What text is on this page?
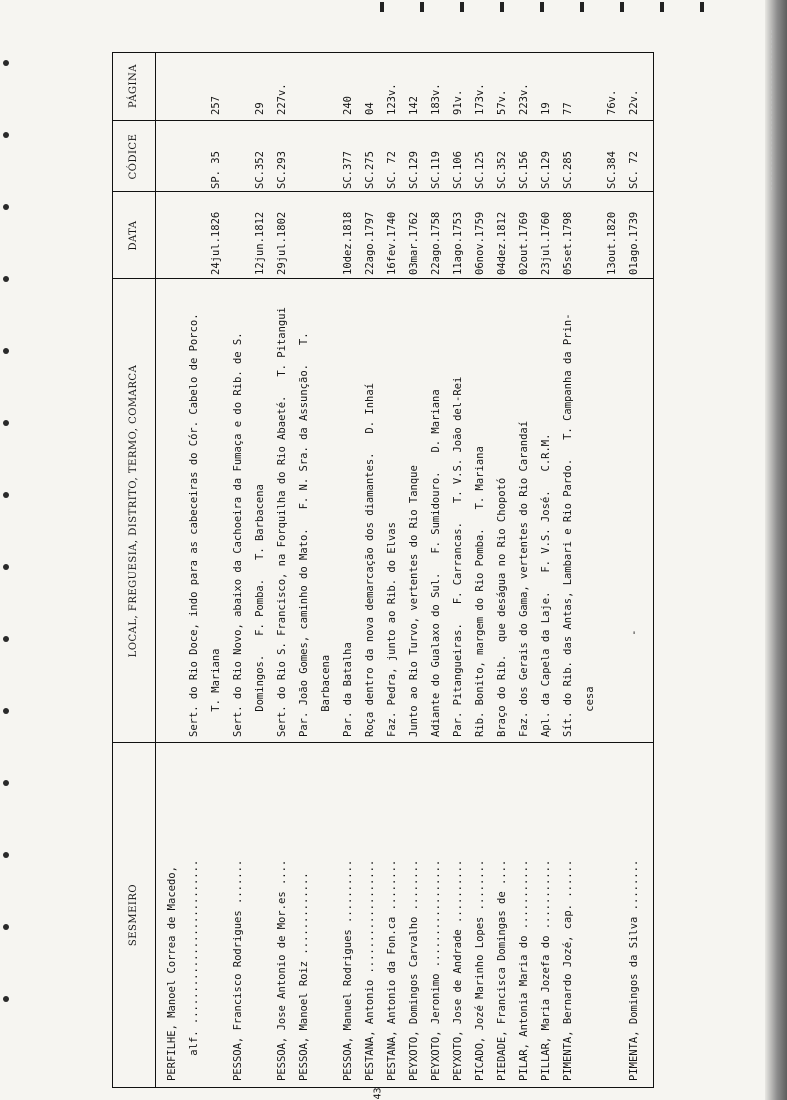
SESMEIRO
LOCAL, FREGUESIA, DISTRITO, TERMO, COMARCA
DATA
CÓDICE
PÁGINA
PERFILHE, Manoel Correa de Macedo, alf. ..........................
Sert. do Rio Doce, indo para as cabeceiras do Cór. Cabelo de Porco. T. Mariana
24jul.1826
SP. 35
257
PESSOA, Francisco Rodrigues .......
Sert. do Rio Novo, abaixo da Cachoeira da Fumaça e do Rib. de S. Domingos.   F. Pomba.   T. Barbacena
12jun.1812
SC.352
29
PESSOA, Jose Antonio de Mor.es ....
Sert. do Rio S. Francisco, na Forquilha do Rio Abaeté.   T. Pitangui
29jul.1802
SC.293
227v.
PESSOA, Manoel Roiz .............
Par. João Gomes, caminho do Mato.   F. N. Sra. da Assunção.   T. Barbacena
PESSOA, Manuel Rodrigues ..........
Par. da Batalha
10dez.1818
SC.377
240
PESTANA, Antonio ..................
Roça dentro da nova demarcação dos diamantes.   D. Inhaí
22ago.1797
SC.275
04
PESTANA, Antonio da Fon.ca ........
Faz. Pedra, junto ao Rib. do Elvas
16fev.1740
SC. 72
123v.
PEYXOTO, Domingos Carvalho ........
Junto ao Rio Turvo, vertentes do Rio Tanque
03mar.1762
SC.129
142
PEYXOTO, Jeronimo .................
Adiante do Gualaxo do Sul.   F. Sumidouro.   D. Mariana
22ago.1758
SC.119
183v.
PEYXOTO, Jose de Andrade ..........
Par. Pitangueiras.   F. Carrancas.   T. V.S. João del-Rei
11ago.1753
SC.106
91v.
PICADO, Jozé Marinho Lopes ........
Rib. Bonito, margem do Rio Pomba.   T. Mariana
06nov.1759
SC.125
173v.
PIEDADE, Francisca Domingas de ....
Braço do Rib.  que deságua no Rio Chopotó
04dez.1812
SC.352
57v.
PILAR, Antonia Maria do ...........
Faz. dos Gerais do Gama, vertentes do Rio Carandaí
02out.1769
SC.156
223v.
PILLAR, Maria Jozefa do ...........
Apl. da Capela da Laje.   F. V.S. José.   C.R.M.
23jul.1760
SC.129
19
PIMENTA, Bernardo Jozé, cap. ......
Sít. do Rib. das Antas, Lambari e Rio Pardo.   T. Campanha da Prin-
05set.1798
SC.285
77
cesa
13out.1820
SC.384
76v.
PIMENTA, Domingos da Silva ........
-
01ago.1739
SC. 72
22v.
43
